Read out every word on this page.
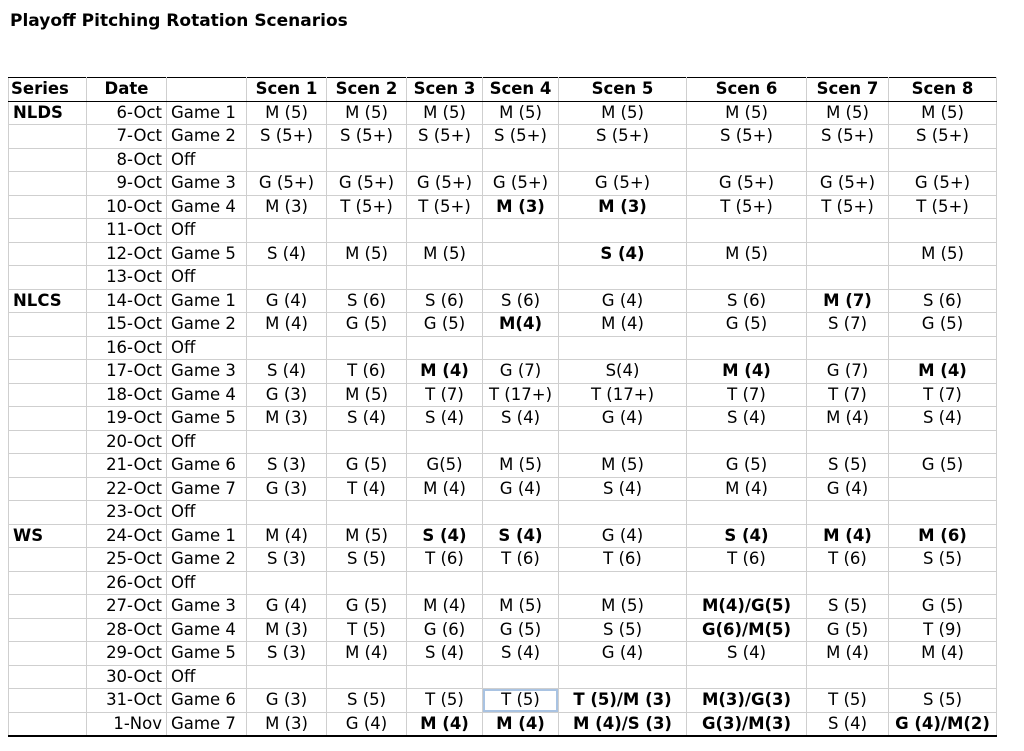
Playoff Pitching Rotation Scenarios
Series	Date		Scen 1	Scen 2	Scen 3	Scen 4	Scen 5	Scen 6	Scen 7	Scen 8
NLDS	6-Oct	Game 1	M (5)	M (5)	M (5)	M (5)	M (5)	M (5)	M (5)	M (5)
	7-Oct	Game 2	S (5+)	S (5+)	S (5+)	S (5+)	S (5+)	S (5+)	S (5+)	S (5+)
	8-Oct	Off								
	9-Oct	Game 3	G (5+)	G (5+)	G (5+)	G (5+)	G (5+)	G (5+)	G (5+)	G (5+)
	10-Oct	Game 4	M (3)	T (5+)	T (5+)	M (3)	M (3)	T (5+)	T (5+)	T (5+)
	11-Oct	Off								
	12-Oct	Game 5	S (4)	M (5)	M (5)		S (4)	M (5)		M (5)
	13-Oct	Off								
NLCS	14-Oct	Game 1	G (4)	S (6)	S (6)	S (6)	G (4)	S (6)	M (7)	S (6)
	15-Oct	Game 2	M (4)	G (5)	G (5)	M(4)	M (4)	G (5)	S (7)	G (5)
	16-Oct	Off								
	17-Oct	Game 3	S (4)	T (6)	M (4)	G (7)	S(4)	M (4)	G (7)	M (4)
	18-Oct	Game 4	G (3)	M (5)	T (7)	T (17+)	T (17+)	T (7)	T (7)	T (7)
	19-Oct	Game 5	M (3)	S (4)	S (4)	S (4)	G (4)	S (4)	M (4)	S (4)
	20-Oct	Off								
	21-Oct	Game 6	S (3)	G (5)	G(5)	M (5)	M (5)	G (5)	S (5)	G (5)
	22-Oct	Game 7	G (3)	T (4)	M (4)	G (4)	S (4)	M (4)	G (4)	
	23-Oct	Off								
WS	24-Oct	Game 1	M (4)	M (5)	S (4)	S (4)	G (4)	S (4)	M (4)	M (6)
	25-Oct	Game 2	S (3)	S (5)	T (6)	T (6)	T (6)	T (6)	T (6)	S (5)
	26-Oct	Off								
	27-Oct	Game 3	G (4)	G (5)	M (4)	M (5)	M (5)	M(4)/G(5)	S (5)	G (5)
	28-Oct	Game 4	M (3)	T (5)	G (6)	G (5)	S (5)	G(6)/M(5)	G (5)	T (9)
	29-Oct	Game 5	S (3)	M (4)	S (4)	S (4)	G (4)	S (4)	M (4)	M (4)
	30-Oct	Off								
	31-Oct	Game 6	G (3)	S (5)	T (5)	T (5)	T (5)/M (3)	M(3)/G(3)	T (5)	S (5)
	1-Nov	Game 7	M (3)	G (4)	M (4)	M (4)	M (4)/S (3)	G(3)/M(3)	S (4)	G (4)/M(2)
